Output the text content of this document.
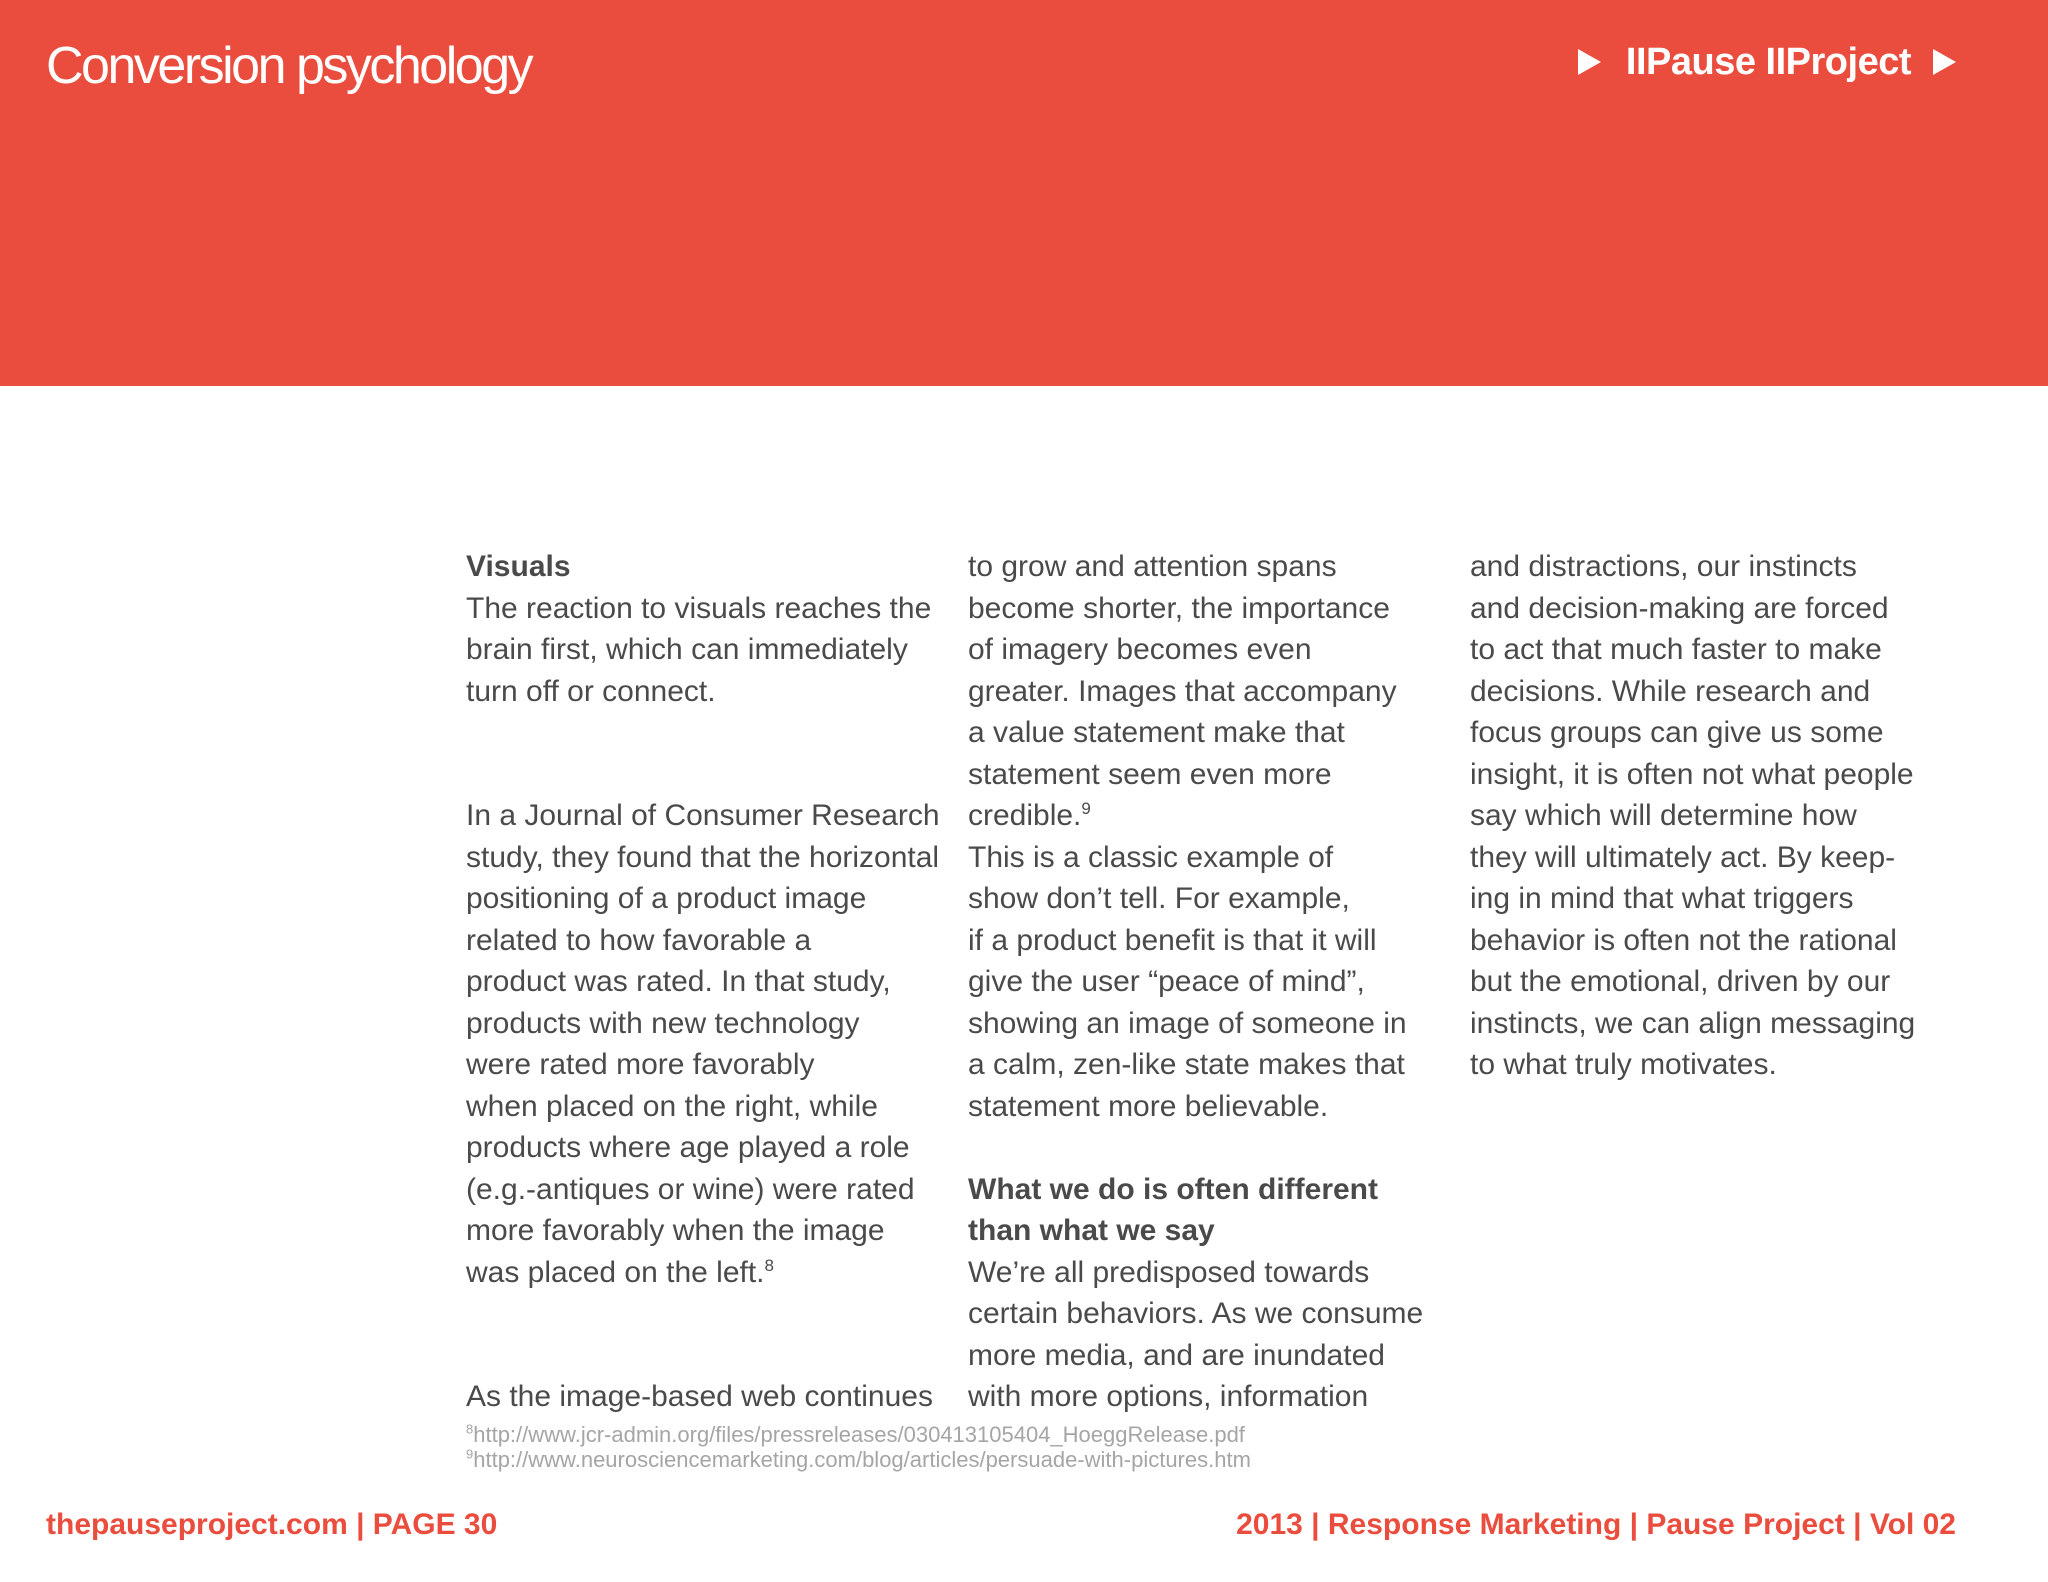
Conversion psychology	IIPause IIProject

Visuals

The reaction to visuals reaches the
brain first, which can immediately
turn off or connect.

In a Journal of Consumer Research
study, they found that the horizontal
positioning of a product image
related to how favorable a
product was rated. In that study,
products with new technology
were rated more favorably
when placed on the right, while
products where age played a role
(e.g.-antiques or wine) were rated
more favorably when the image
was placed on the left.$^8$

As the image-based web continues

to grow and attention spans
become shorter, the importance
of imagery becomes even
greater. Images that accompany
a value statement make that
statement seem even more credible.$^9$

This is a classic example of
show don’t tell. For example,
if a product benefit is that it will
give the user “peace of mind”,
showing an image of someone in
a calm, zen-like state makes that
statement more believable.

What we do is often different
than what we say

We’re all predisposed towards
certain behaviors. As we consume
more media, and are inundated
with more options, information

and distractions, our instincts
and decision-making are forced
to act that much faster to make
decisions. While research and
focus groups can give us some
insight, it is often not what people
say which will determine how
they will ultimately act. By keep-
ing in mind that what triggers
behavior is often not the rational
but the emotional, driven by our
instincts, we can align messaging
to what truly motivates.

$^8$http://www.jcr-admin.org/files/pressreleases/030413105404_HoeggRelease.pdf
$^9$http://www.neurosciencemarketing.com/blog/articles/persuade-with-pictures.htm
thepauseproject.com | PAGE 30	2013 | Response Marketing | Pause Project | Vol 02
